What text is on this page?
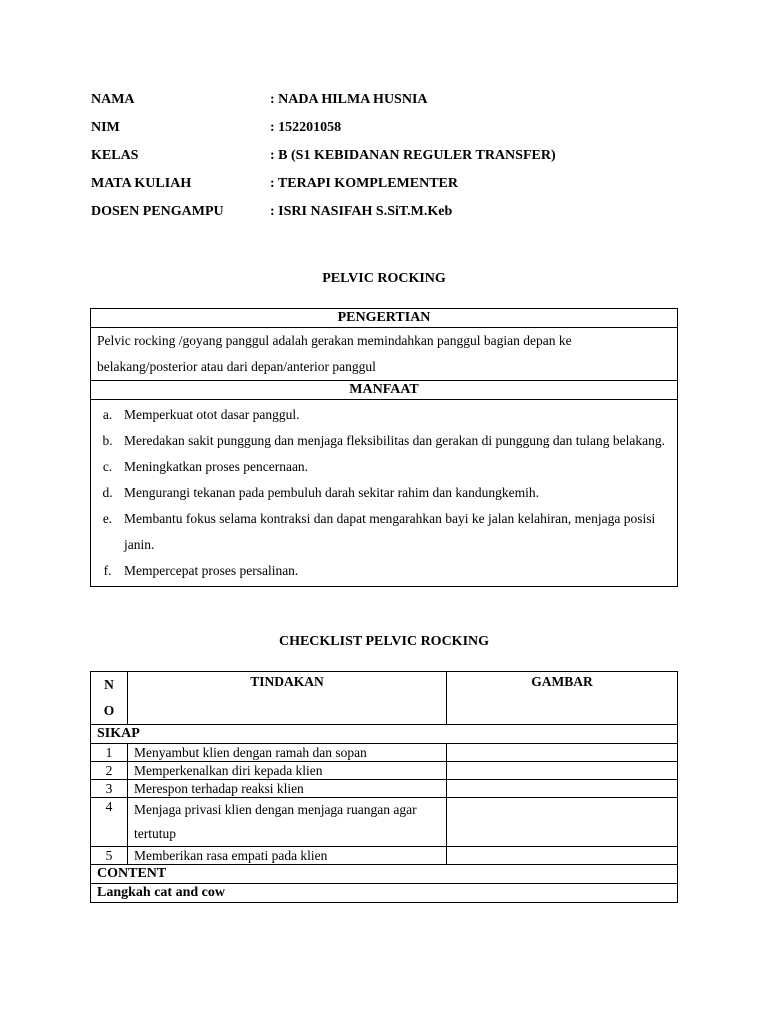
NAMA	: NADA HILMA HUSNIA
NIM	: 152201058
KELAS	: B (S1 KEBIDANAN REGULER TRANSFER)
MATA KULIAH	: TERAPI KOMPLEMENTER
DOSEN PENGAMPU	: ISRI NASIFAH S.SiT.M.Keb
PELVIC ROCKING
PENGERTIAN
Pelvic rocking /goyang panggul adalah gerakan memindahkan panggul bagian depan ke belakang/posterior atau dari depan/anterior panggul
MANFAAT

a. Memperkuat otot dasar panggul.
b. Meredakan sakit punggung dan menjaga fleksibilitas dan gerakan di punggung dan tulang belakang.
c. Meningkatkan proses pencernaan.
d. Mengurangi tekanan pada pembuluh darah sekitar rahim dan kandungkemih.
e. Membantu fokus selama kontraksi dan dapat mengarahkan bayi ke jalan kelahiran, menjaga posisi janin.
f. Mempercepat proses persalinan.
CHECKLIST PELVIC ROCKING
N
O	TINDAKAN	GAMBAR
SIKAP		
1	Menyambut klien dengan ramah dan sopan	
2	Memperkenalkan diri kepada klien	
3	Merespon terhadap reaksi klien	
4	Menjaga privasi klien dengan menjaga ruangan agar tertutup	
5	Memberikan rasa empati pada klien	
CONTENT		
Langkah cat and cow		
